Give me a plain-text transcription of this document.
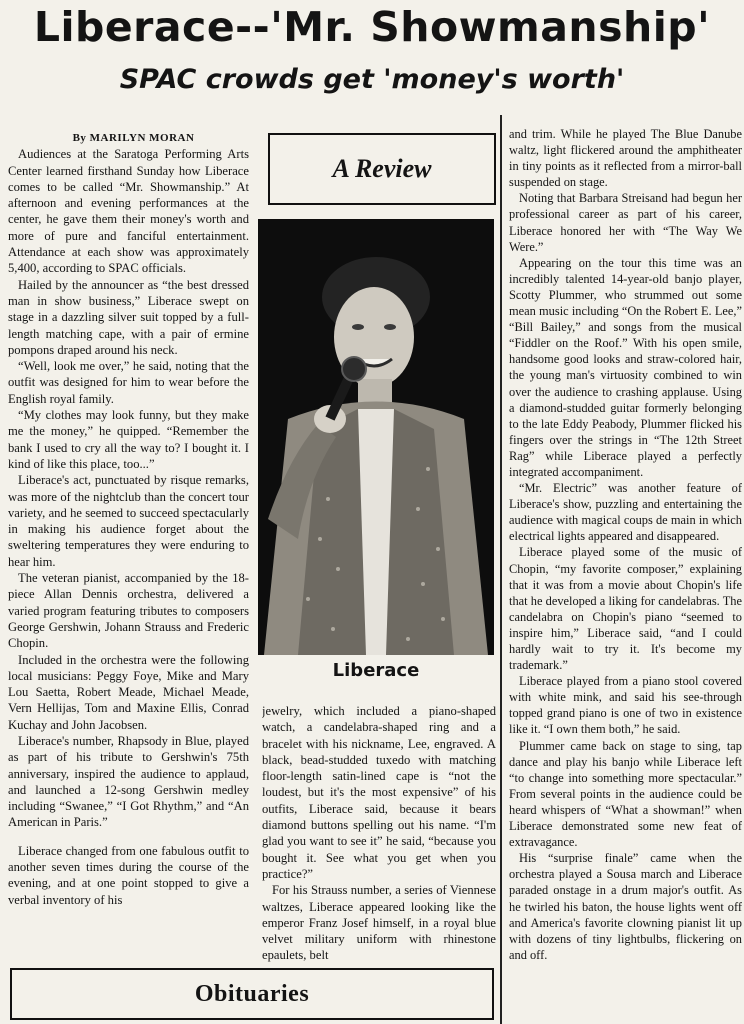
Liberace--'Mr. Showmanship'
SPAC crowds get 'money's worth'

By MARILYN MORAN

Audiences at the Saratoga Performing Arts Center learned firsthand Sunday how Liberace comes to be called “Mr. Showmanship.” At afternoon and evening performances at the center, he gave them their money's worth and more of pure and fanciful entertainment. Attendance at each show was approximately 5,400, according to SPAC officials.

Hailed by the announcer as “the best dressed man in show business,” Liberace swept on stage in a dazzling silver suit topped by a full-length matching cape, with a pair of ermine pompons draped around his neck.

“Well, look me over,” he said, noting that the outfit was designed for him to wear before the English royal family.

“My clothes may look funny, but they make me the money,” he quipped. “Remember the bank I used to cry all the way to? I bought it. I kind of like this place, too...”

Liberace's act, punctuated by risque remarks, was more of the nightclub than the concert tour variety, and he seemed to succeed spectacularly in making his audience forget about the sweltering temperatures they were enduring to hear him.

The veteran pianist, accompanied by the 18-piece Allan Dennis orchestra, delivered a varied program featuring tributes to composers George Gershwin, Johann Strauss and Frederic Chopin.

Included in the orchestra were the following local musicians: Peggy Foye, Mike and Mary Lou Saetta, Robert Meade, Michael Meade, Vern Hellijas, Tom and Maxine Ellis, Conrad Kuchay and John Jacobsen.

Liberace's number, Rhapsody in Blue, played as part of his tribute to Gershwin's 75th anniversary, inspired the audience to applaud, and launched a 12-song Gershwin medley including “Swanee,” “I Got Rhythm,” and “An American in Paris.”

Liberace changed from one fabulous outfit to another seven times during the course of the evening, and at one point stopped to give a verbal inventory of his

A Review
Liberace

jewelry, which included a piano-shaped watch, a candelabra-shaped ring and a bracelet with his nickname, Lee, engraved. A black, bead-studded tuxedo with matching floor-length satin-lined cape is “not the loudest, but it's the most expensive” of his outfits, Liberace said, because it bears diamond buttons spelling out his name. “I'm glad you want to see it” he said, “because you bought it. See what you get when you practice?”

For his Strauss number, a series of Viennese waltzes, Liberace appeared looking like the emperor Franz Josef himself, in a royal blue velvet military uniform with rhinestone epaulets, belt

and trim. While he played The Blue Danube waltz, light flickered around the amphitheater in tiny points as it reflected from a mirror-ball suspended on stage.

Noting that Barbara Streisand had begun her professional career as part of his career, Liberace honored her with “The Way We Were.”

Appearing on the tour this time was an incredibly talented 14-year-old banjo player, Scotty Plummer, who strummed out some mean music including “On the Robert E. Lee,” “Bill Bailey,” and songs from the musical “Fiddler on the Roof.” With his open smile, handsome good looks and straw-colored hair, the young man's virtuosity combined to win over the audience to crashing applause. Using a diamond-studded guitar formerly belonging to the late Eddy Peabody, Plummer flicked his fingers over the strings in “The 12th Street Rag” while Liberace played a perfectly integrated accompaniment.

“Mr. Electric” was another feature of Liberace's show, puzzling and entertaining the audience with magical coups de main in which electrical lights appeared and disappeared.

Liberace played some of the music of Chopin, “my favorite composer,” explaining that it was from a movie about Chopin's life that he developed a liking for candelabras. The candelabra on Chopin's piano “seemed to inspire him,” Liberace said, “and I could hardly wait to try it. It's become my trademark.”

Liberace played from a piano stool covered with white mink, and said his see-through topped grand piano is one of two in existence like it. “I own them both,” he said.

Plummer came back on stage to sing, tap dance and play his banjo while Liberace left “to change into something more spectacular.” From several points in the audience could be heard whispers of “What a showman!” when Liberace demonstrated some new feat of extravagance.

His “surprise finale” came when the orchestra played a Sousa march and Liberace paraded onstage in a drum major's outfit. As he twirled his baton, the house lights went off and America's favorite clowning pianist lit up with dozens of tiny lightbulbs, flickering on and off.

Obituaries
